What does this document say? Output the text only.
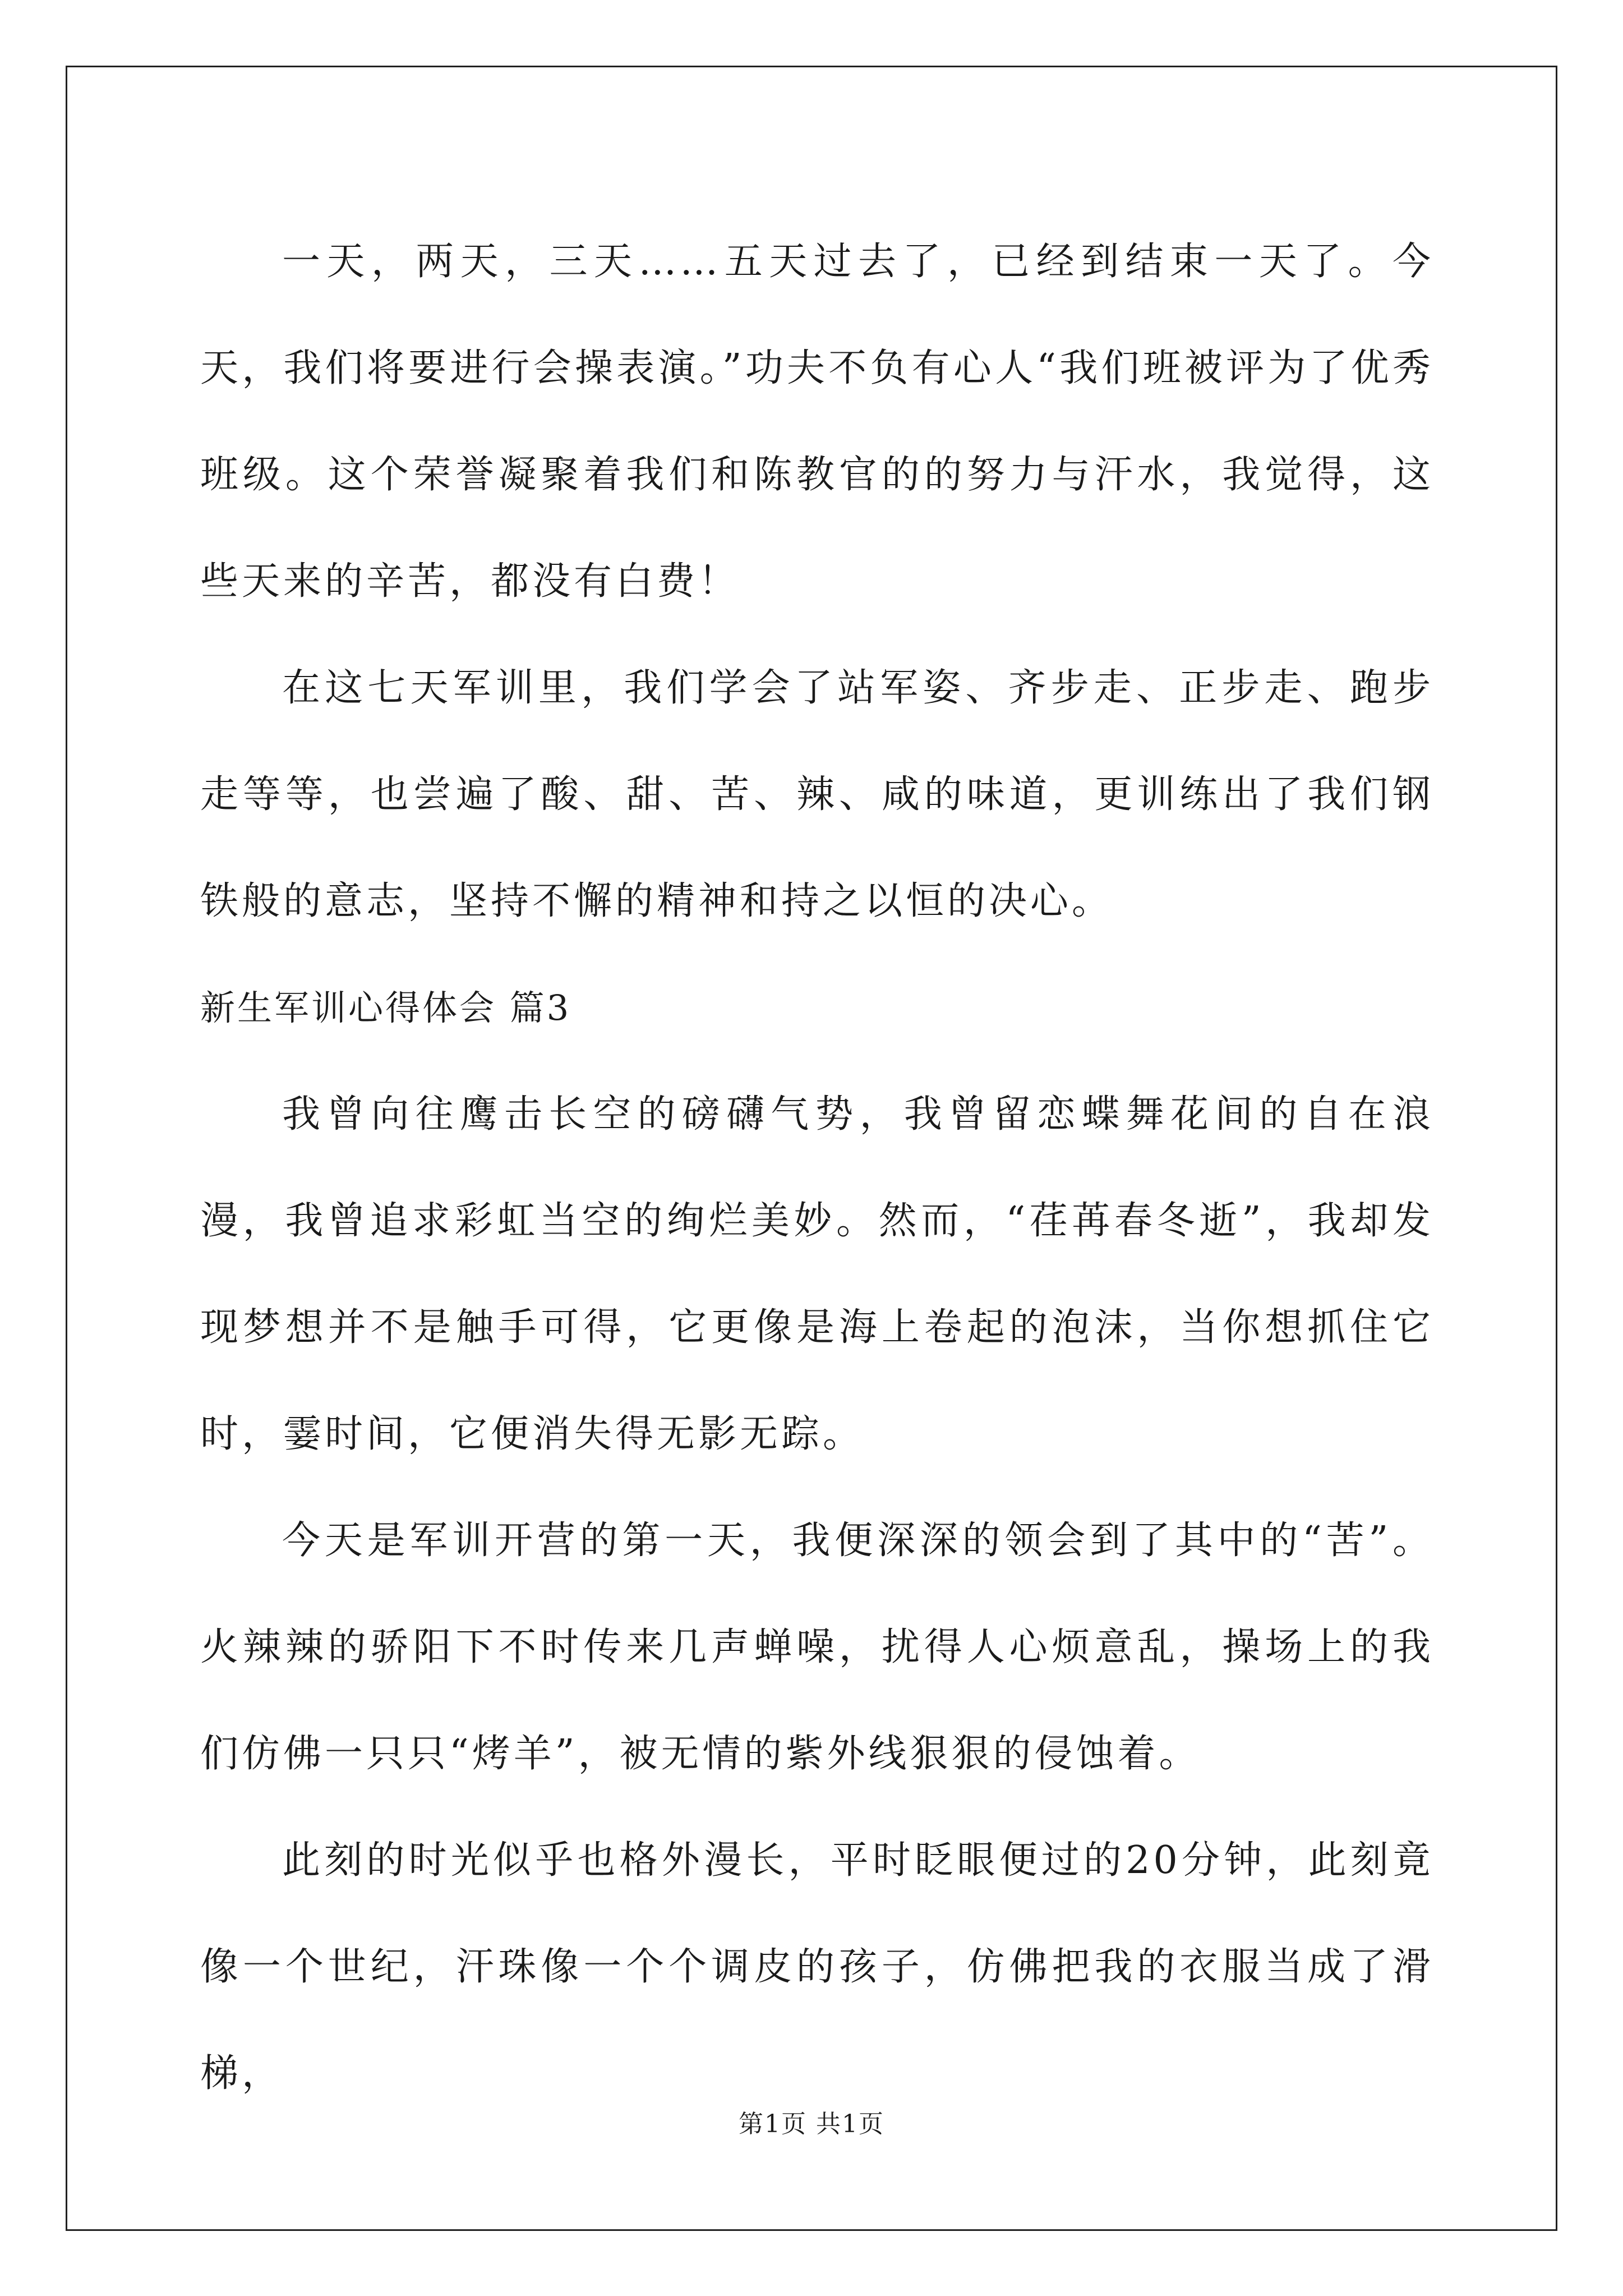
一天，两天，三天……五天过去了，已经到结束一天了。今天，我们将要进行会操表演。”功夫不负有心人“我们班被评为了优秀班级。这个荣誉凝聚着我们和陈教官的的努力与汗水，我觉得，这些天来的辛苦，都没有白费！

在这七天军训里，我们学会了站军姿、齐步走、正步走、跑步走等等，也尝遍了酸、甜、苦、辣、咸的味道，更训练出了我们钢铁般的意志，坚持不懈的精神和持之以恒的决心。

新生军训心得体会 篇3

我曾向往鹰击长空的磅礴气势，我曾留恋蝶舞花间的自在浪漫，我曾追求彩虹当空的绚烂美妙。然而，“荏苒春冬逝”，我却发现梦想并不是触手可得，它更像是海上卷起的泡沫，当你想抓住它时，霎时间，它便消失得无影无踪。

今天是军训开营的第一天，我便深深的领会到了其中的“苦”。火辣辣的骄阳下不时传来几声蝉噪，扰得人心烦意乱，操场上的我们仿佛一只只“烤羊”，被无情的紫外线狠狠的侵蚀着。

此刻的时光似乎也格外漫长，平时眨眼便过的20分钟，此刻竟像一个世纪，汗珠像一个个调皮的孩子，仿佛把我的衣服当成了滑梯，

第1页 共1页
